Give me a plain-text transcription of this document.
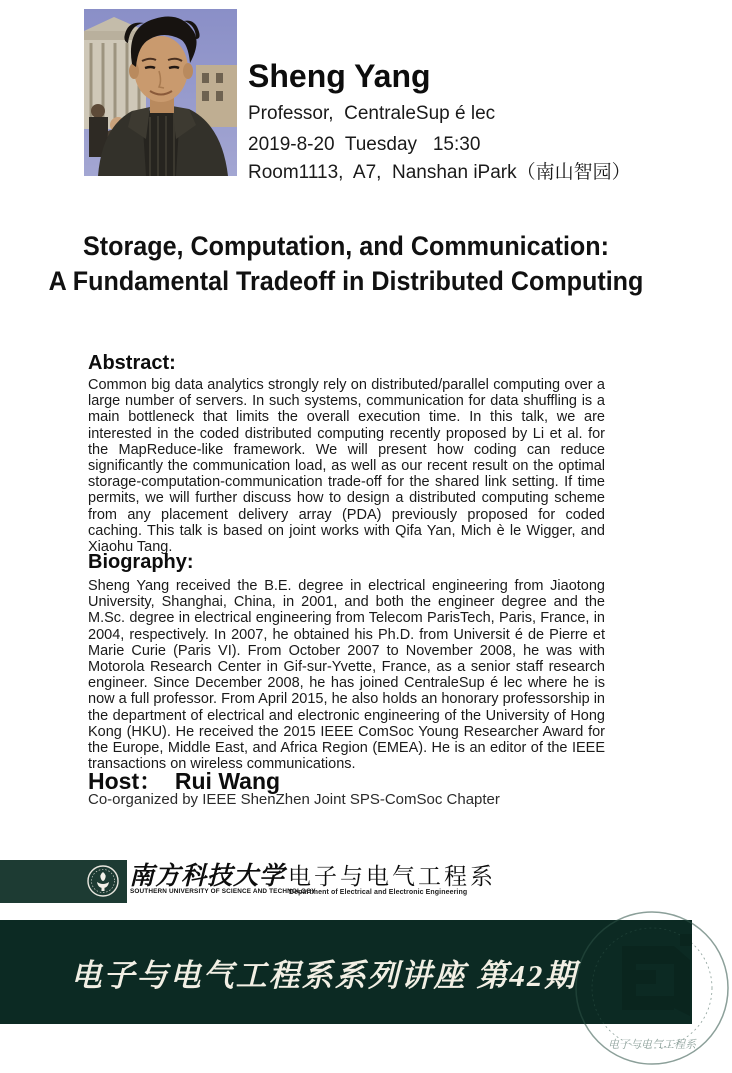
Sheng Yang
Professor,  CentraleSup é lec
2019-8-20  Tuesday   15:30
Room1113,  A7,  Nanshan iPark（南山智园）
Storage, Computation, and Communication:
A Fundamental Tradeoff in Distributed Computing
Abstract:
Common big data analytics strongly rely on distributed/parallel computing over a large number of servers. In such systems, communication for data shuffling is a main bottleneck that limits the overall execution time. In this talk, we are interested in the coded distributed computing recently proposed by Li et al. for the MapReduce-like framework. We will present how coding can reduce significantly the communication load, as well as our recent result on the optimal storage-computation-communication trade-off for the shared link setting. If time permits, we will further discuss how to design a distributed computing scheme from any placement delivery array (PDA) previously proposed for coded caching. This talk is based on joint works with Qifa Yan, Mich è le Wigger, and Xiaohu Tang.
Biography:
Sheng Yang received the B.E. degree in electrical engineering from Jiaotong University, Shanghai, China, in 2001, and both the engineer degree and the M.Sc. degree in electrical engineering from Telecom ParisTech, Paris, France, in 2004, respectively. In 2007, he obtained his Ph.D. from Universit é de Pierre et Marie Curie (Paris VI). From October 2007 to November 2008, he was with Motorola Research Center in Gif-sur-Yvette, France, as a senior staff research engineer. Since December 2008, he has joined CentraleSup é lec where he is now a full professor. From April 2015, he also holds an honorary professorship in the department of electrical and electronic engineering of the University of Hong Kong (HKU). He received the 2015 IEEE ComSoc Young Researcher Award for the Europe, Middle East, and Africa Region (EMEA). He is an editor of the IEEE transactions on wireless communications.
Host：  Rui Wang
Co-organized by IEEE ShenZhen Joint SPS-ComSoc Chapter
南方科技大学
SOUTHERN UNIVERSITY OF SCIENCE AND TECHNOLOGY
电子与电气工程系
Department of Electrical and Electronic Engineering
电子与电气工程系
电子与电气工程系系列讲座 第42期
